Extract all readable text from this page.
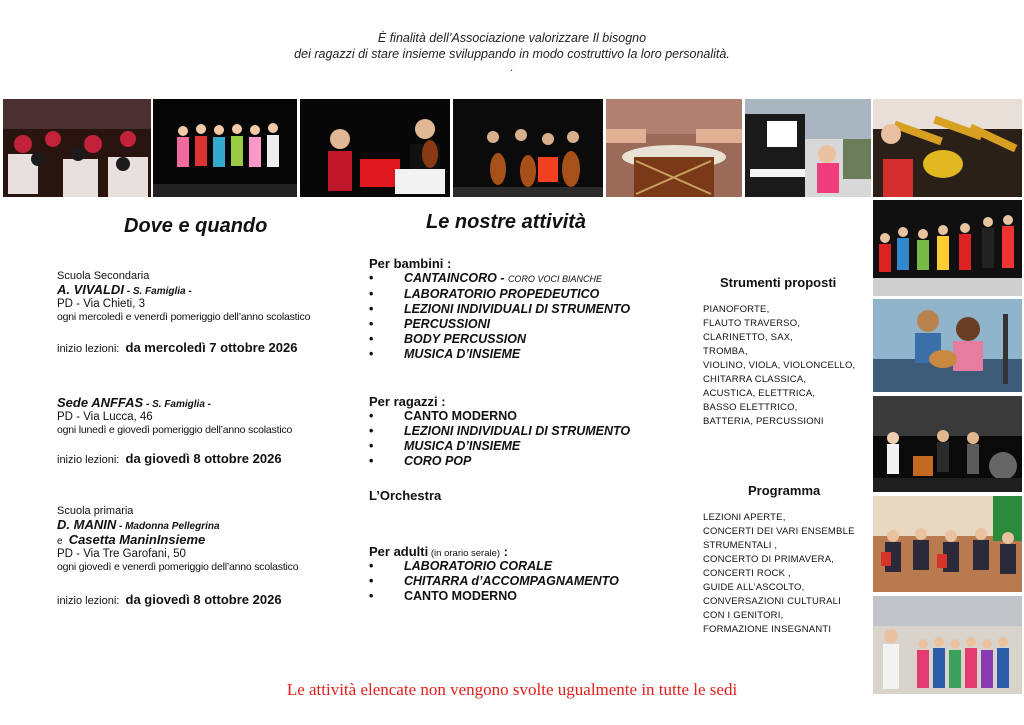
È finalità dell’Associazione valorizzare Il bisogno
dei ragazzi di stare insieme sviluppando in modo costruttivo la loro personalità.
.
Dove e quando	Le nostre attività
Scuola Secondaria
A. VIVALDI - S. Famiglia -
PD - Via Chieti, 3
ogni mercoledì e venerdì pomeriggio dell’anno scolastico
inizio lezioni: da mercoledì 7 ottobre 2026
Sede ANFFAS - S. Famiglia -
PD - Via Lucca, 46
ogni lunedì e giovedì pomeriggio dell’anno scolastico
inizio lezioni: da giovedì 8 ottobre 2026
Scuola primaria
D. MANIN - Madonna Pellegrina
e Casetta ManinInsieme
PD - Via Tre Garofani, 50
ogni giovedì e venerdì pomeriggio dell’anno scolastico
inizio lezioni: da giovedì 8 ottobre 2026
Per bambini :
• CANTAINCORO - CORO VOCI BIANCHE
• LABORATORIO PROPEDEUTICO
• LEZIONI INDIVIDUALI DI STRUMENTO
• PERCUSSIONI
• BODY PERCUSSION
• MUSICA D’INSIEME
Per ragazzi :
• CANTO MODERNO
• LEZIONI INDIVIDUALI DI STRUMENTO
• MUSICA D’INSIEME
• CORO POP
L’Orchestra
Per adulti (in orario serale) :
• LABORATORIO CORALE
• CHITARRA d’ACCOMPAGNAMENTO
• CANTO MODERNO
Strumenti proposti
PIANOFORTE,
FLAUTO TRAVERSO,
CLARINETTO, SAX,
TROMBA,
VIOLINO, VIOLA, VIOLONCELLO,
CHITARRA CLASSICA,
ACUSTICA, ELETTRICA,
BASSO ELETTRICO,
BATTERIA, PERCUSSIONI
Programma
LEZIONI APERTE,
CONCERTI DEI VARI ENSEMBLE
STRUMENTALI ,
CONCERTO DI PRIMAVERA,
CONCERTI ROCK ,
GUIDE ALL’ASCOLTO,
CONVERSAZIONI CULTURALI
CON I GENITORI,
FORMAZIONE INSEGNANTI
Le attività elencate non vengono svolte ugualmente in tutte le sedi
